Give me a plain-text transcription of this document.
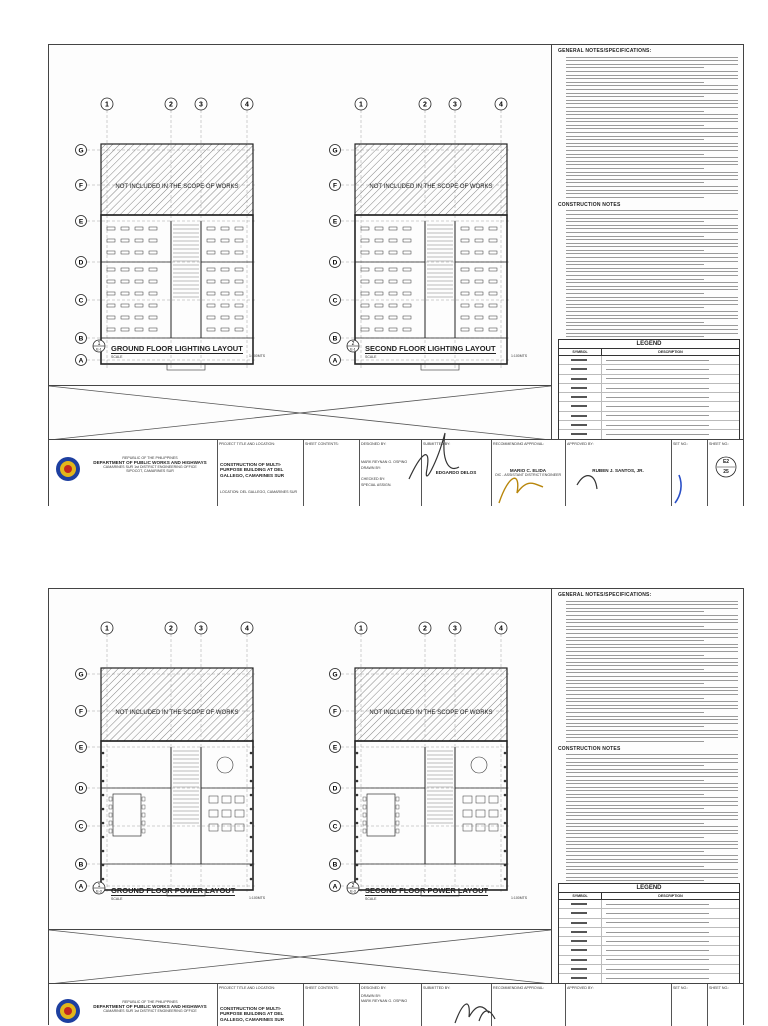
1	2	3	4
G
F
E
D
C
B
A
NOT INCLUDED IN THE SCOPE OF WORKS
1
E-1
1	2	3	4
G
F
E
D
C
B
A
NOT INCLUDED IN THE SCOPE OF WORKS
2
E-1
GROUND FLOOR LIGHTING LAYOUT
SCALE	1:100MTS
SECOND FLOOR LIGHTING LAYOUT
SCALE	1:100MTS
GENERAL NOTES/SPECIFICATIONS:
CONSTRUCTION NOTES
LEGEND
SYMBOL	DESCRIPTION
REPUBLIC OF THE PHILIPPINES
DEPARTMENT OF PUBLIC WORKS AND HIGHWAYS
CAMARINES SUR 1st DISTRICT ENGINEERING OFFICE
SIPOCOT, CAMARINES SUR
PROJECT TITLE AND LOCATION:
CONSTRUCTION OF MULTI-PURPOSE BUILDING AT DEL GALLEGO, CAMARINES SUR
LOCATION: DEL GALLEGO, CAMARINES SUR
SHEET CONTENTS:	DESIGNED BY:
MARK REYNAN G. OSPINO
DRAWN BY:
CHECKED BY:
SPECIAL ASSIGN.
SUBMITTED BY:
EDGARDO DELOS
RECOMMENDING APPROVAL:
MARIO C. ELIDA
OIC - ASSISTANT DISTRICT ENGINEER
APPROVED BY:
RUBEN J. SANTOS, JR.
SET NO.:	SHEET NO.:
E2
25
1	2	3	4
G
F
E
D
C
B
A
NOT INCLUDED IN THE SCOPE OF WORKS
1
E-3
1	2	3	4
G
F
E
D
C
B
A
NOT INCLUDED IN THE SCOPE OF WORKS
2
E-3
GROUND FLOOR POWER LAYOUT
SCALE	1:100MTS
SECOND FLOOR POWER LAYOUT
SCALE	1:100MTS
GENERAL NOTES/SPECIFICATIONS:
CONSTRUCTION NOTES
LEGEND
SYMBOL	DESCRIPTION
REPUBLIC OF THE PHILIPPINES
DEPARTMENT OF PUBLIC WORKS AND HIGHWAYS
CAMARINES SUR 1st DISTRICT ENGINEERING OFFICE
PROJECT TITLE AND LOCATION:
CONSTRUCTION OF MULTI-PURPOSE BUILDING AT DEL GALLEGO, CAMARINES SUR
SHEET CONTENTS:	DESIGNED BY:
DRAWN BY:
MARK REYNAN G. OSPINO
SUBMITTED BY:	RECOMMENDING APPROVAL:	APPROVED BY:	SET NO.:	SHEET NO.:
